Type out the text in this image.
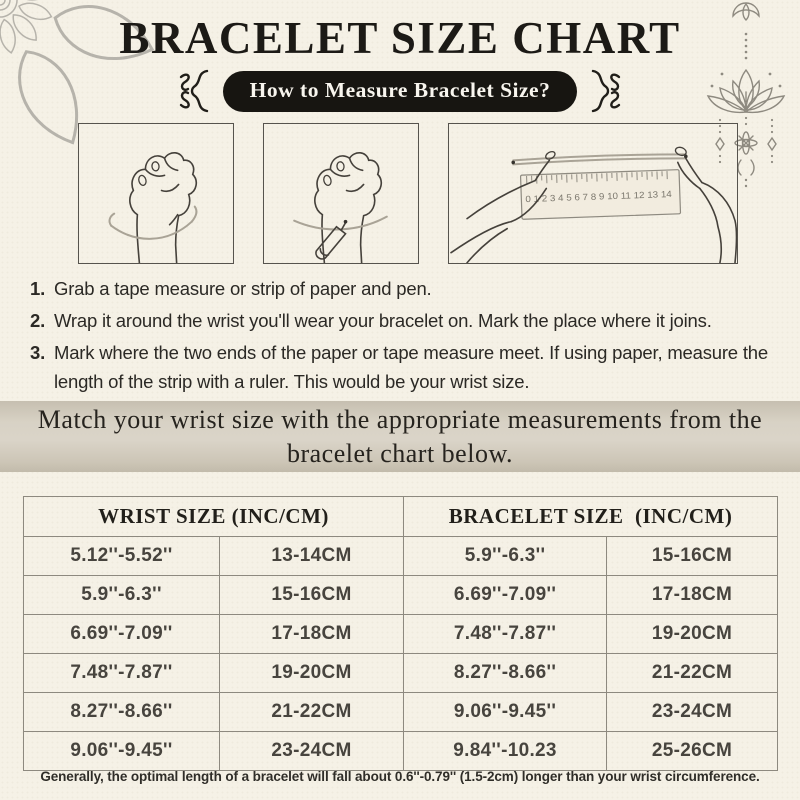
BRACELET SIZE CHART
How to Measure Bracelet Size?
0 1 2 3 4 5 6 7 8 9 10 11 12 13 14
1. Grab a tape measure or strip of paper and pen.
2. Wrap it around the wrist you'll wear your bracelet on. Mark the place where it joins.
3. Mark where the two ends of the paper or tape measure meet. If using paper, measure the length of the strip with a ruler. This would be your wrist size.
Match your wrist size with the appropriate measurements from the bracelet chart below.
WRIST SIZE (INC/CM)		BRACELET SIZE  (INC/CM)	
5.12''-5.52''	13-14CM	5.9''-6.3''	15-16CM
5.9''-6.3''	15-16CM	6.69''-7.09''	17-18CM
6.69''-7.09''	17-18CM	7.48''-7.87''	19-20CM
7.48''-7.87''	19-20CM	8.27''-8.66''	21-22CM
8.27''-8.66''	21-22CM	9.06''-9.45''	23-24CM
9.06''-9.45''	23-24CM	9.84''-10.23	25-26CM
Generally, the optimal length of a bracelet will fall about 0.6''-0.79'' (1.5-2cm) longer than your wrist circumference.
